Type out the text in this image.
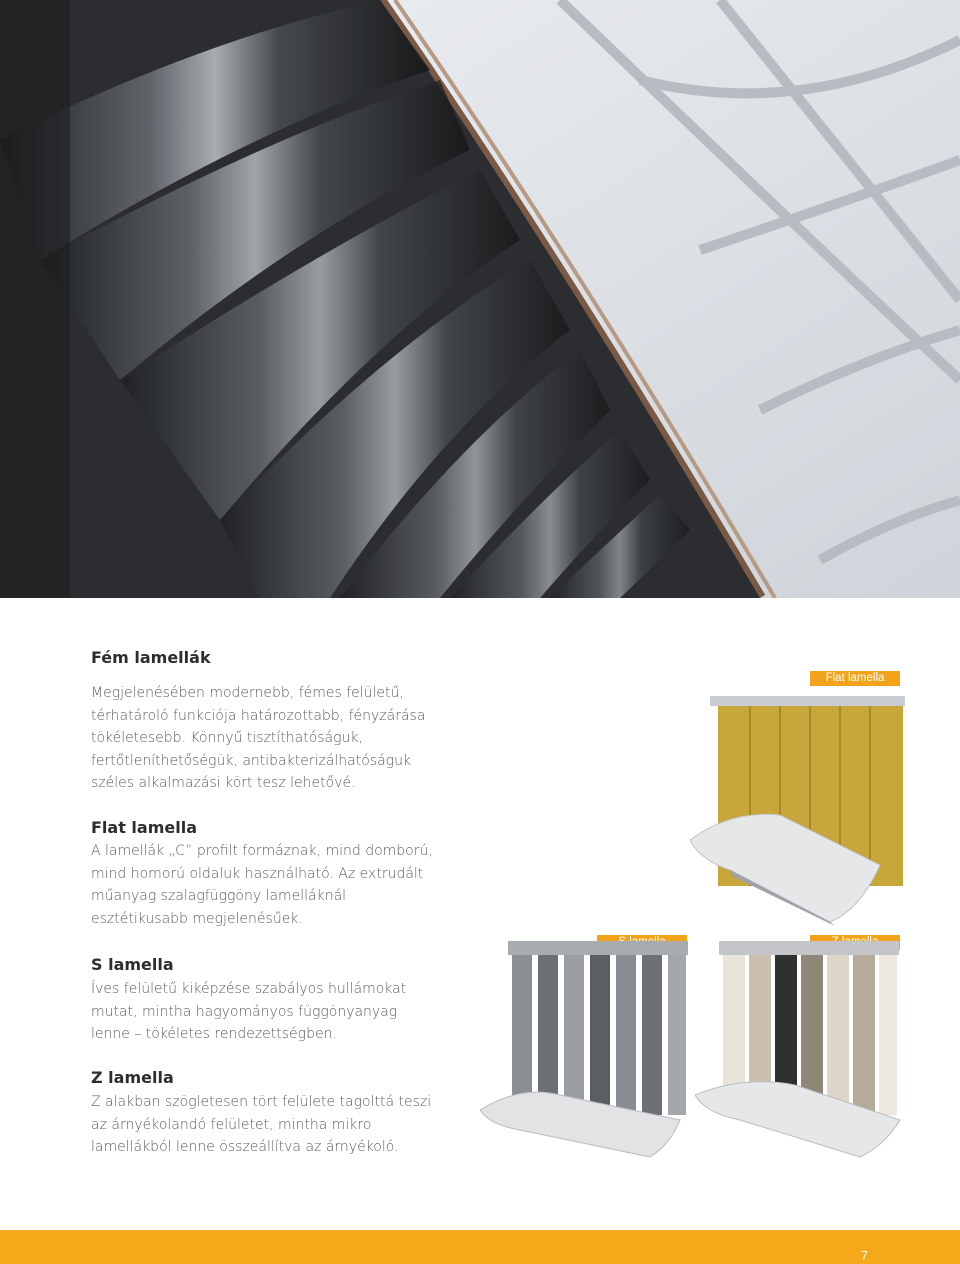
Fém lamellák

Megjelenésében modernebb, fémes felületű, térhatároló funkciója határozottabb, fényzárása tökéletesebb. Könnyű tisztíthatóságuk, fertőtleníthetőségük, antibakterizálhatóságuk széles alkalmazási kört tesz lehetővé.

Flat lamella

A lamellák „C” profilt formáznak, mind domború, mind homorú oldaluk használható. Az extrudált műanyag szalagfüggöny lamelláknál esztétikusabb megjelenésűek.

S lamella

Íves felületű kiképzése szabályos hullámokat mutat, mintha hagyományos függönyanyag lenne – tökéletes rendezettségben.

Z lamella

Z alakban szögletesen tört felülete tagolttá teszi az árnyékolandó felületet, mintha mikro lamellákból lenne összeállítva az árnyékoló.

Flat lamella
7
